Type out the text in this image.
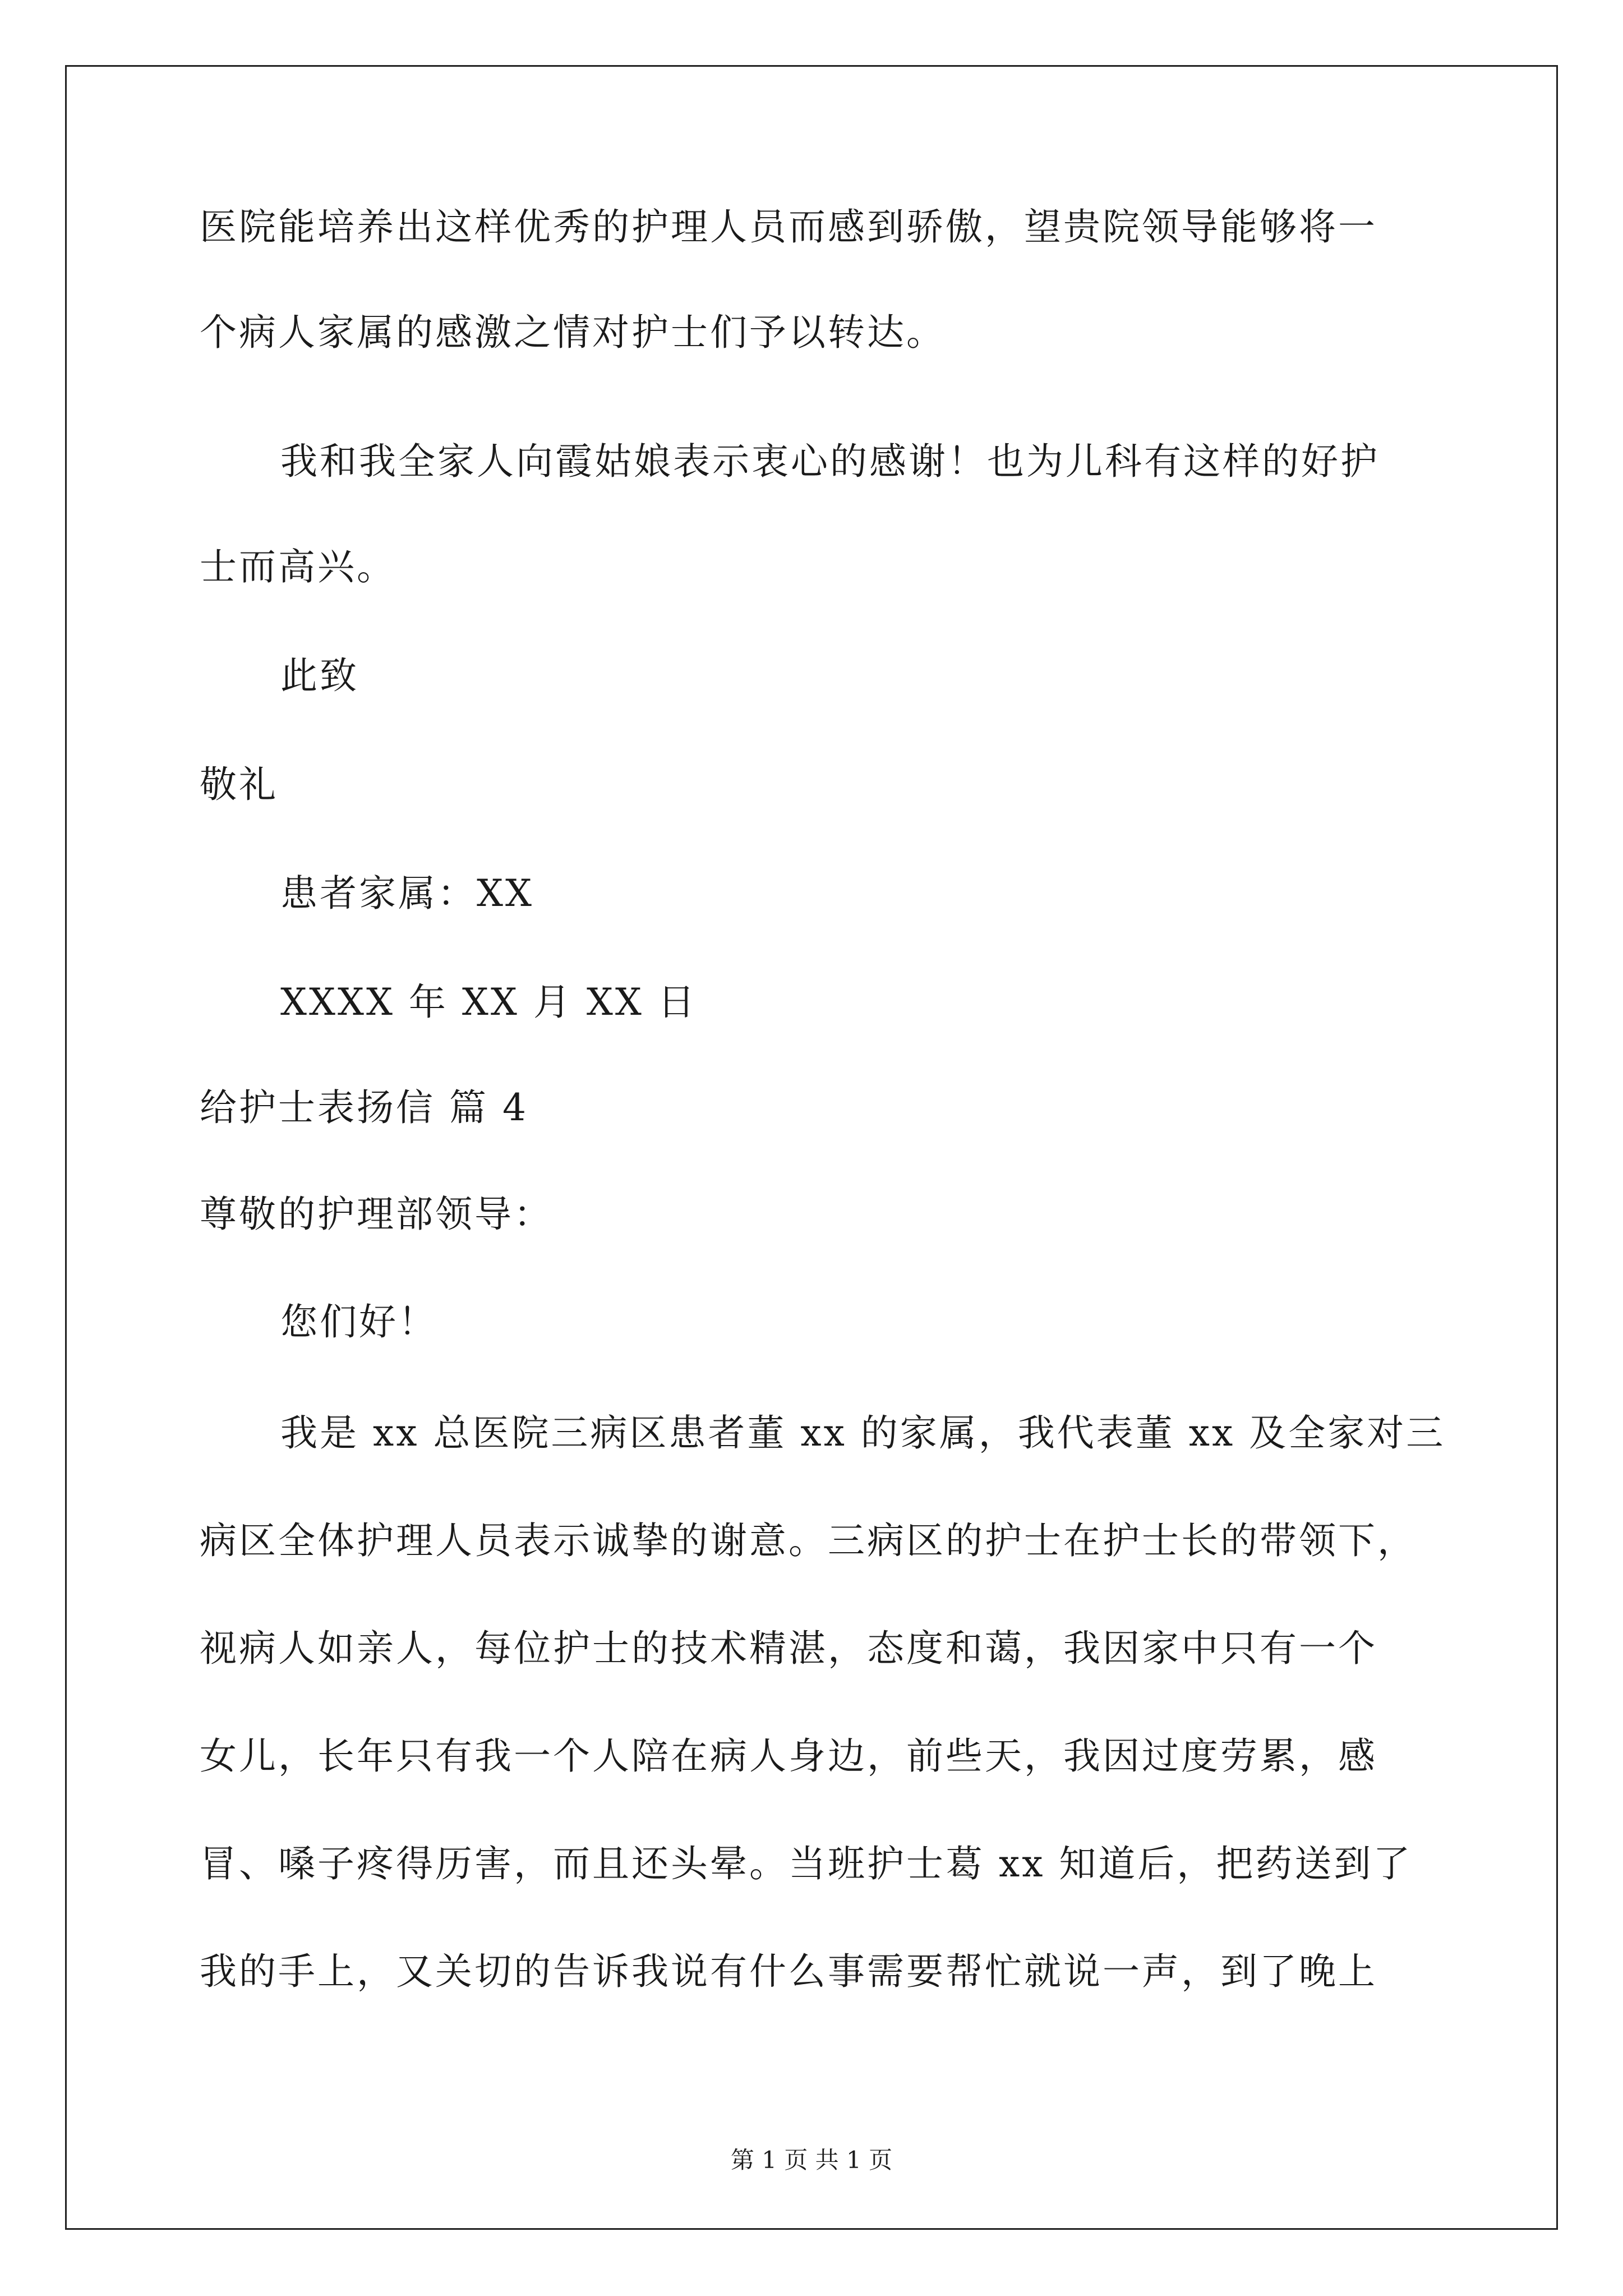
医院能培养出这样优秀的护理人员而感到骄傲，望贵院领导能够将一
个病人家属的感激之情对护士们予以转达。
我和我全家人向霞姑娘表示衷心的感谢！也为儿科有这样的好护
士而高兴。
此致
敬礼
患者家属：XX
XXXX 年 XX 月 XX 日
给护士表扬信 篇 4
尊敬的护理部领导：
您们好！
我是 xx 总医院三病区患者董 xx 的家属，我代表董 xx 及全家对三
病区全体护理人员表示诚挚的谢意。三病区的护士在护士长的带领下，
视病人如亲人，每位护士的技术精湛，态度和蔼，我因家中只有一个
女儿，长年只有我一个人陪在病人身边，前些天，我因过度劳累，感
冒、嗓子疼得历害，而且还头晕。当班护士葛 xx 知道后，把药送到了
我的手上，又关切的告诉我说有什么事需要帮忙就说一声，到了晚上
第 1 页 共 1 页
